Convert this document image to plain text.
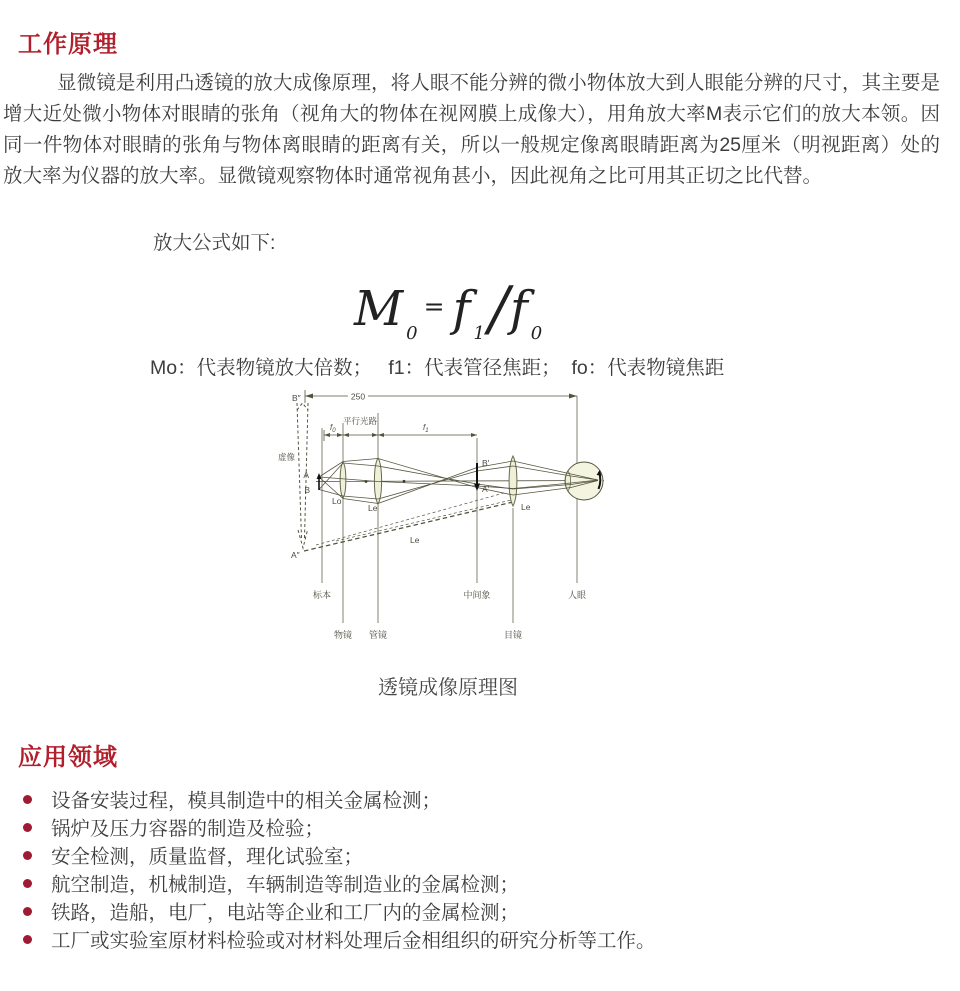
工作原理

显微镜是利用凸透镜的放大成像原理，将人眼不能分辨的微小物体放大到人眼能分辨的尺寸，其主要是增大近处微小物体对眼睛的张角（视角大的物体在视网膜上成像大），用角放大率M表示它们的放大本领。因同一件物体对眼睛的张角与物体离眼睛的距离有关，所以一般规定像离眼睛距离为25厘米（明视距离）处的放大率为仪器的放大率。显微镜观察物体时通常视角甚小，因此视角之比可用其正切之比代替。

放大公式如下:

M 0= f 1/f 0

Mo：代表物镜放大倍数；   f1：代表管径焦距；  fo：代表物镜焦距

250
$f_0$	$f_1$
平行光路
B″
A″
虚像
Le
A
B
B′
A′
Lo
Le	Le
标本	中间象	人眼
物镜 管镜	目镜

透镜成像原理图

应用领域
设备安装过程，模具制造中的相关金属检测；
锅炉及压力容器的制造及检验；
安全检测，质量监督，理化试验室；
航空制造，机械制造，车辆制造等制造业的金属检测；
铁路，造船，电厂，电站等企业和工厂内的金属检测；
工厂或实验室原材料检验或对材料处理后金相组织的研究分析等工作。
